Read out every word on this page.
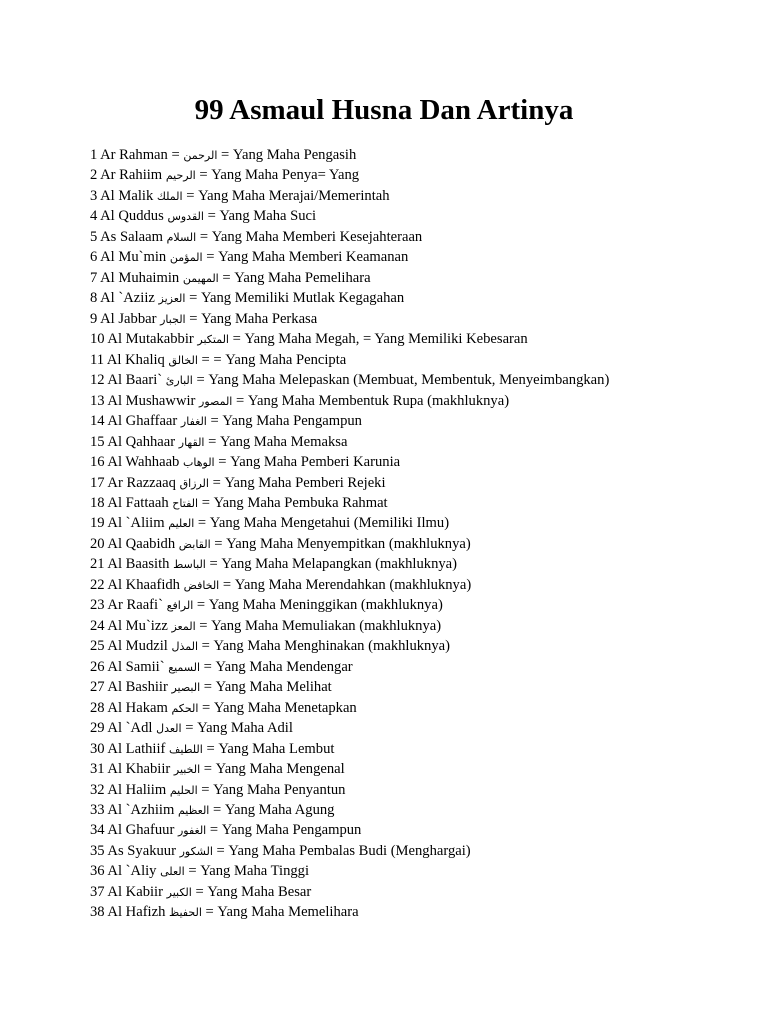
99 Asmaul Husna Dan Artinya
1 Ar Rahman = الرحمن = Yang Maha Pengasih
2 Ar Rahiim الرحيم = Yang Maha Penya= Yang
3 Al Malik الملك = Yang Maha Merajai/Memerintah
4 Al Quddus القدوس = Yang Maha Suci
5 As Salaam السلام = Yang Maha Memberi Kesejahteraan
6 Al Mu`min المؤمن = Yang Maha Memberi Keamanan
7 Al Muhaimin المهيمن = Yang Maha Pemelihara
8 Al `Aziiz العزيز = Yang Memiliki Mutlak Kegagahan
9 Al Jabbar الجبار = Yang Maha Perkasa
10 Al Mutakabbir المتكبر = Yang Maha Megah, = Yang Memiliki Kebesaran
11 Al Khaliq الخالق = = Yang Maha Pencipta
12 Al Baari` البارئ = Yang Maha Melepaskan (Membuat, Membentuk, Menyeimbangkan)
13 Al Mushawwir المصور = Yang Maha Membentuk Rupa (makhluknya)
14 Al Ghaffaar الغفار = Yang Maha Pengampun
15 Al Qahhaar القهار = Yang Maha Memaksa
16 Al Wahhaab الوهاب = Yang Maha Pemberi Karunia
17 Ar Razzaaq الرزاق = Yang Maha Pemberi Rejeki
18 Al Fattaah الفتاح = Yang Maha Pembuka Rahmat
19 Al `Aliim العليم = Yang Maha Mengetahui (Memiliki Ilmu)
20 Al Qaabidh القابض = Yang Maha Menyempitkan (makhluknya)
21 Al Baasith الباسط = Yang Maha Melapangkan (makhluknya)
22 Al Khaafidh الخافض = Yang Maha Merendahkan (makhluknya)
23 Ar Raafi` الرافع = Yang Maha Meninggikan (makhluknya)
24 Al Mu`izz المعز = Yang Maha Memuliakan (makhluknya)
25 Al Mudzil المذل = Yang Maha Menghinakan (makhluknya)
26 Al Samii` السميع = Yang Maha Mendengar
27 Al Bashiir البصير = Yang Maha Melihat
28 Al Hakam الحكم = Yang Maha Menetapkan
29 Al `Adl العدل = Yang Maha Adil
30 Al Lathiif اللطيف = Yang Maha Lembut
31 Al Khabiir الخبير = Yang Maha Mengenal
32 Al Haliim الحليم = Yang Maha Penyantun
33 Al `Azhiim العظيم = Yang Maha Agung
34 Al Ghafuur الغفور = Yang Maha Pengampun
35 As Syakuur الشكور = Yang Maha Pembalas Budi (Menghargai)
36 Al `Aliy العلى = Yang Maha Tinggi
37 Al Kabiir الكبير = Yang Maha Besar
38 Al Hafizh الحفيظ = Yang Maha Memelihara
